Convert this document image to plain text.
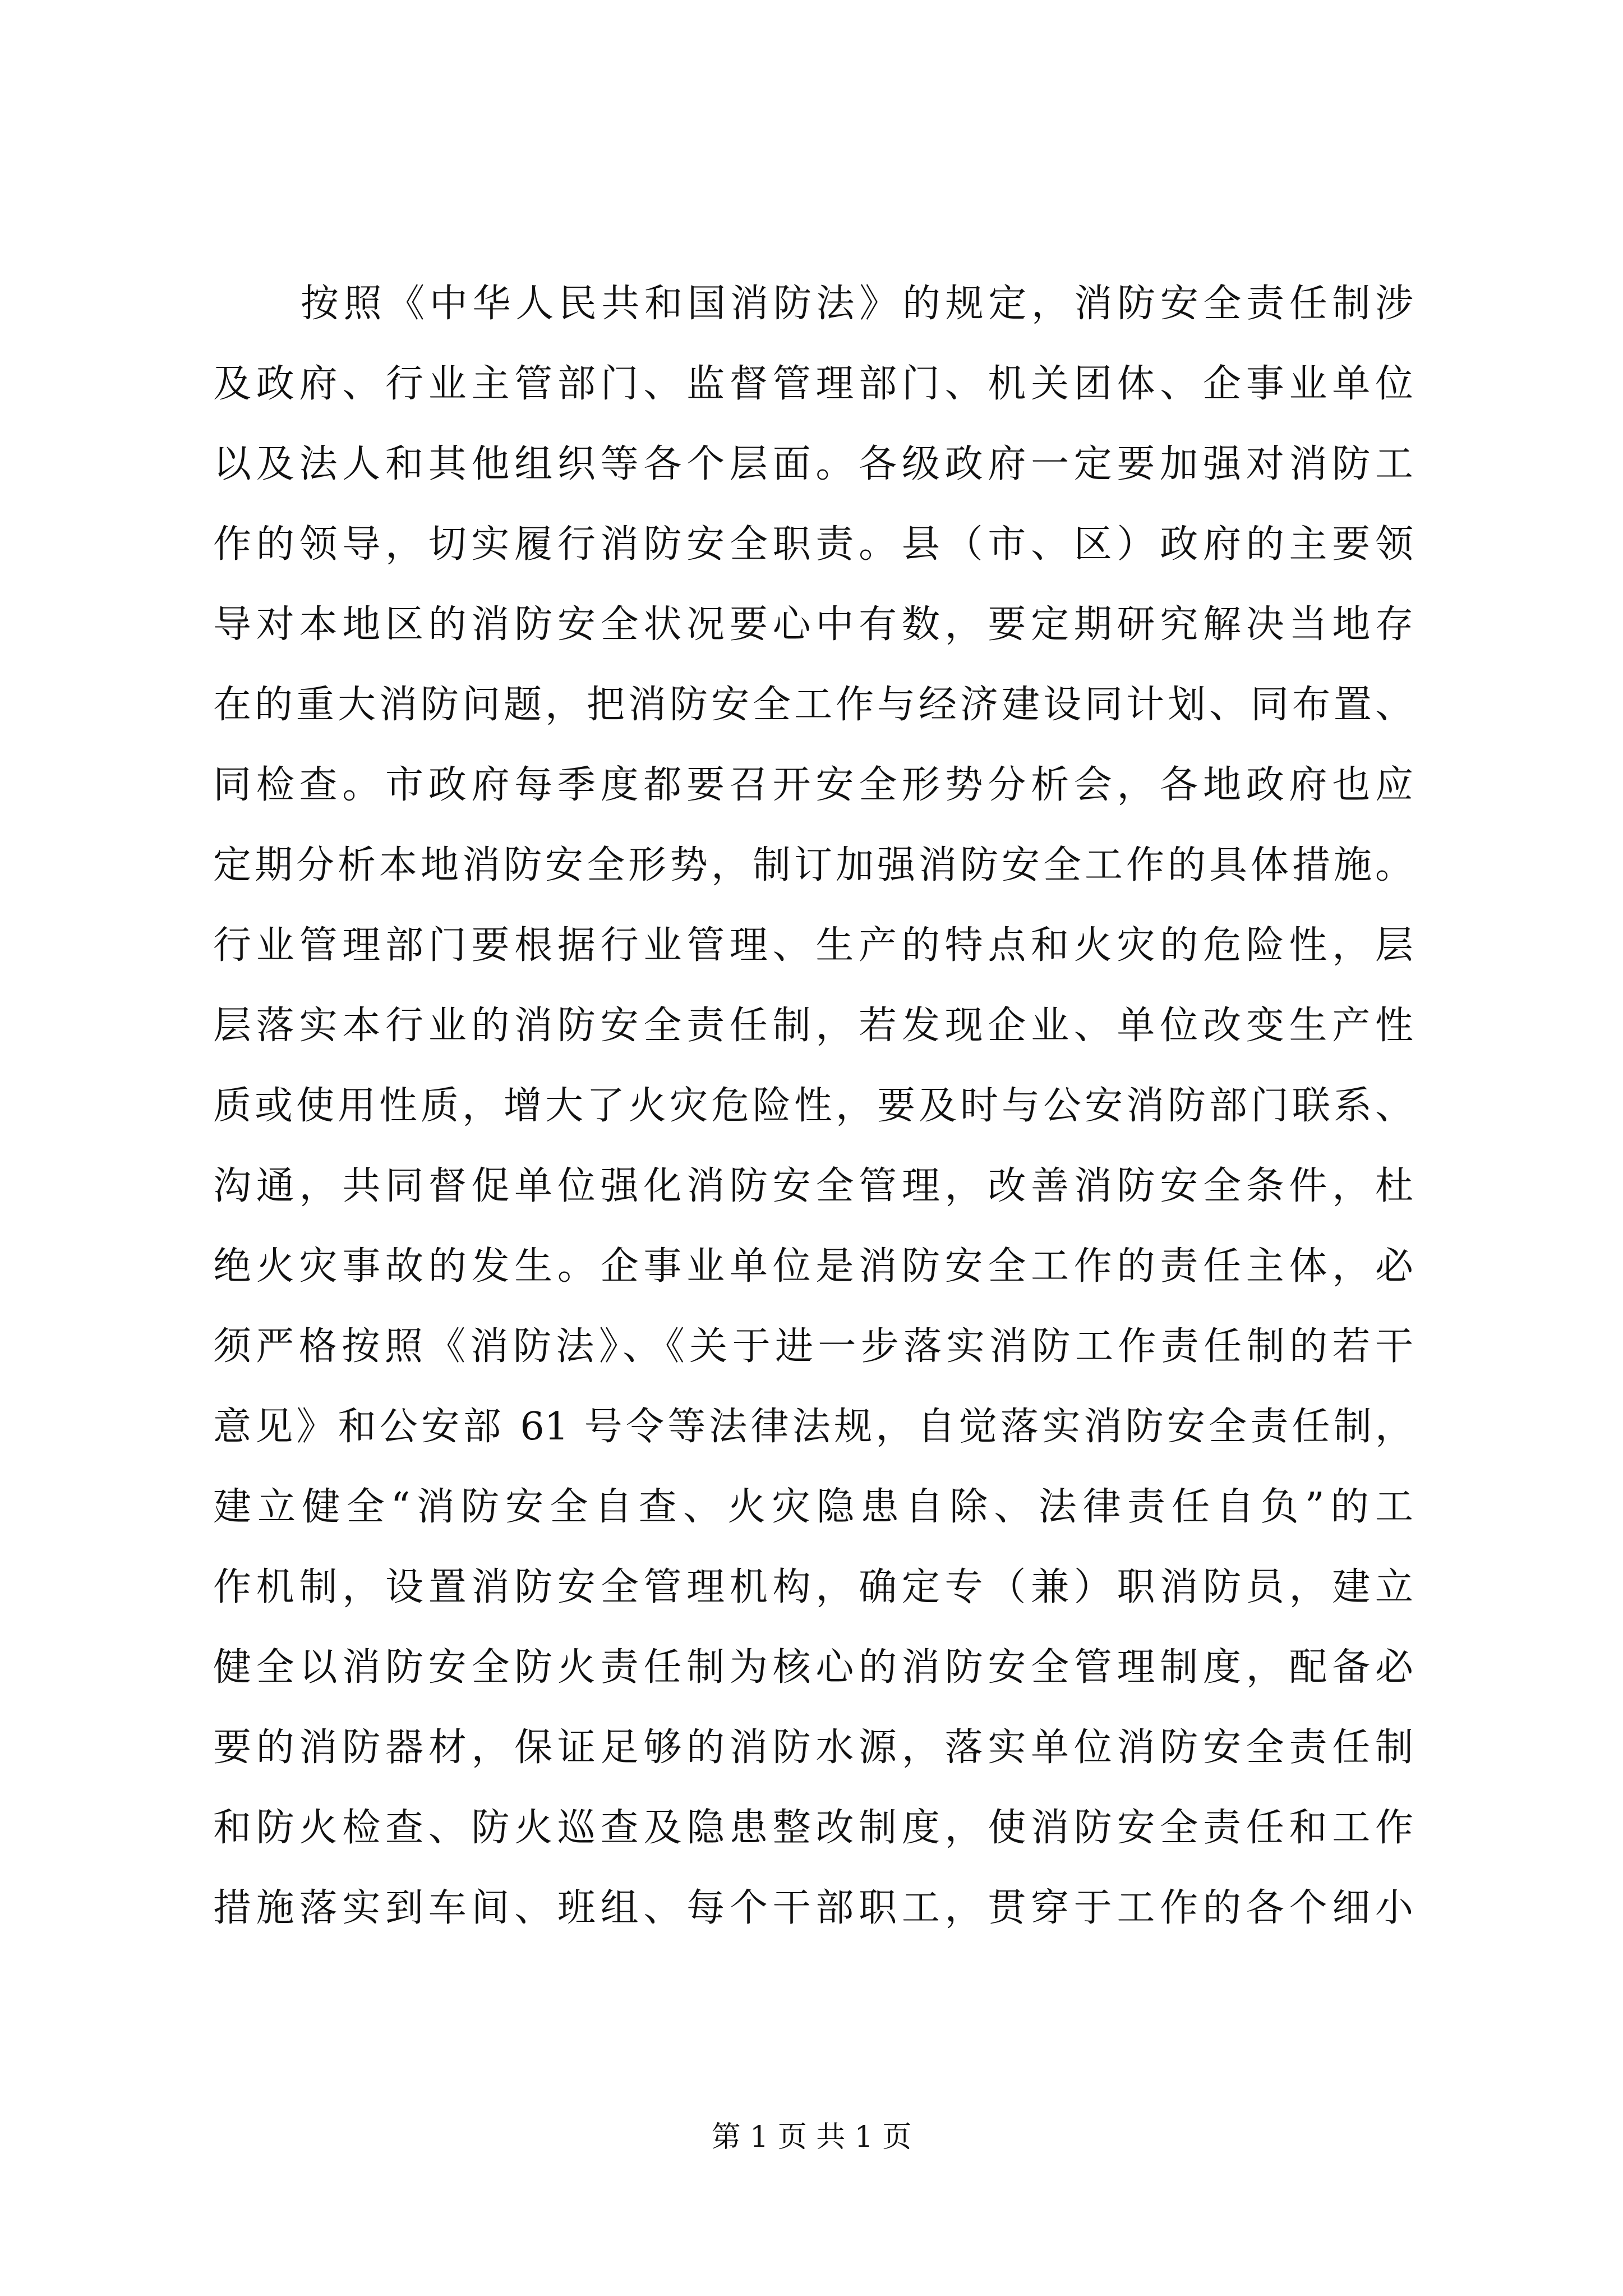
按照《中华人民共和国消防法》的规定，消防安全责任制涉
及政府、行业主管部门、监督管理部门、机关团体、企事业单位
以及法人和其他组织等各个层面。各级政府一定要加强对消防工
作的领导，切实履行消防安全职责。县（市、区）政府的主要领
导对本地区的消防安全状况要心中有数，要定期研究解决当地存
在的重大消防问题，把消防安全工作与经济建设同计划、同布置、
同检查。市政府每季度都要召开安全形势分析会，各地政府也应
定期分析本地消防安全形势，制订加强消防安全工作的具体措施。
行业管理部门要根据行业管理、生产的特点和火灾的危险性，层
层落实本行业的消防安全责任制，若发现企业、单位改变生产性
质或使用性质，增大了火灾危险性，要及时与公安消防部门联系、
沟通，共同督促单位强化消防安全管理，改善消防安全条件，杜
绝火灾事故的发生。企事业单位是消防安全工作的责任主体，必
须严格按照《消防法》、《关于进一步落实消防工作责任制的若干
意见》和公安部 61 号令等法律法规，自觉落实消防安全责任制，
建立健全“消防安全自查、火灾隐患自除、法律责任自负”的工
作机制，设置消防安全管理机构，确定专（兼）职消防员，建立
健全以消防安全防火责任制为核心的消防安全管理制度，配备必
要的消防器材，保证足够的消防水源，落实单位消防安全责任制
和防火检查、防火巡查及隐患整改制度，使消防安全责任和工作
措施落实到车间、班组、每个干部职工，贯穿于工作的各个细小
第 1 页 共 1 页
